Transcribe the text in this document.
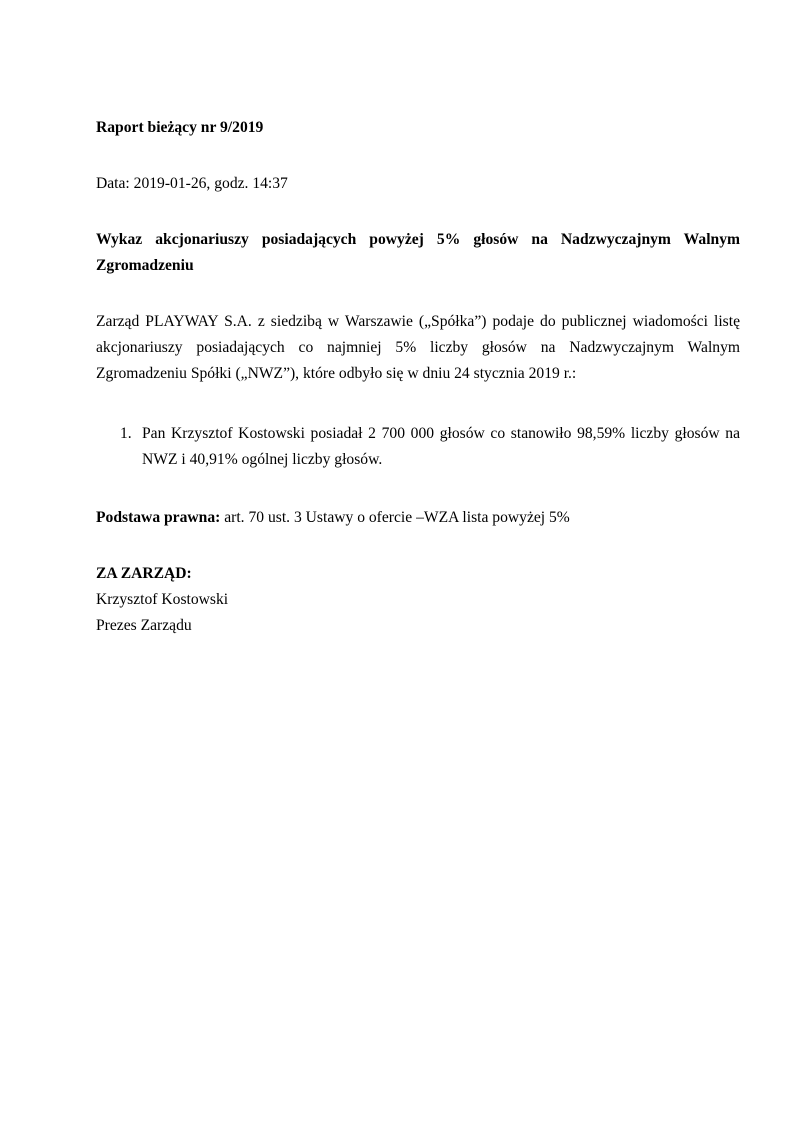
Raport bieżący nr 9/2019
Data: 2019-01-26, godz. 14:37
Wykaz akcjonariuszy posiadających powyżej 5% głosów na Nadzwyczajnym Walnym Zgromadzeniu
Zarząd PLAYWAY S.A. z siedzibą w Warszawie („Spółka”) podaje do publicznej wiadomości listę akcjonariuszy posiadających co najmniej 5% liczby głosów na Nadzwyczajnym Walnym Zgromadzeniu Spółki („NWZ”), które odbyło się w dniu 24 stycznia 2019 r.:
1. Pan Krzysztof Kostowski posiadał 2 700 000 głosów co stanowiło 98,59% liczby głosów na NWZ i 40,91% ogólnej liczby głosów.
Podstawa prawna: art. 70 ust. 3 Ustawy o ofercie –WZA lista powyżej 5%
ZA ZARZĄD:
Krzysztof Kostowski
Prezes Zarządu
